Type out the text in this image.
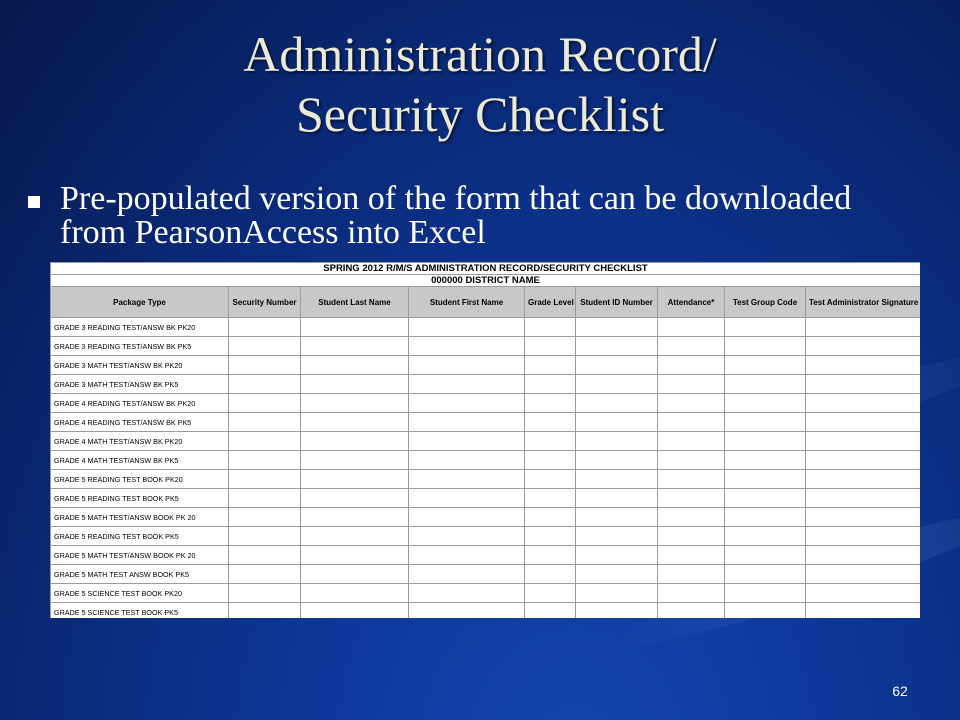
Administration Record/
Security Checklist
Pre-populated version of the form that can be downloaded from PearsonAccess into Excel
SPRING 2012 R/M/S ADMINISTRATION RECORD/SECURITY CHECKLIST								
000000 DISTRICT NAME								
Package Type	Security Number	Student Last Name	Student First Name	Grade Level	Student ID Number	Attendance*	Test Group Code	Test Administrator Signature
GRADE 3 READING TEST/ANSW BK PK20								
GRADE 3 READING TEST/ANSW BK PK5								
GRADE 3 MATH TEST/ANSW BK PK20								
GRADE 3 MATH TEST/ANSW BK PK5								
GRADE 4 READING TEST/ANSW BK PK20								
GRADE 4 READING TEST/ANSW BK PK5								
GRADE 4 MATH TEST/ANSW BK PK20								
GRADE 4 MATH TEST/ANSW BK PK5								
GRADE 5 READING TEST BOOK PK20								
GRADE 5 READING TEST BOOK PK5								
GRADE 5 MATH TEST/ANSW BOOK PK 20								
GRADE 5 READING TEST BOOK PK5								
GRADE 5 MATH TEST/ANSW BOOK PK 20								
GRADE 5 MATH TEST ANSW BOOK PK5								
GRADE 5 SCIENCE TEST BOOK PK20								
GRADE 5 SCIENCE TEST BOOK PK5								
62
